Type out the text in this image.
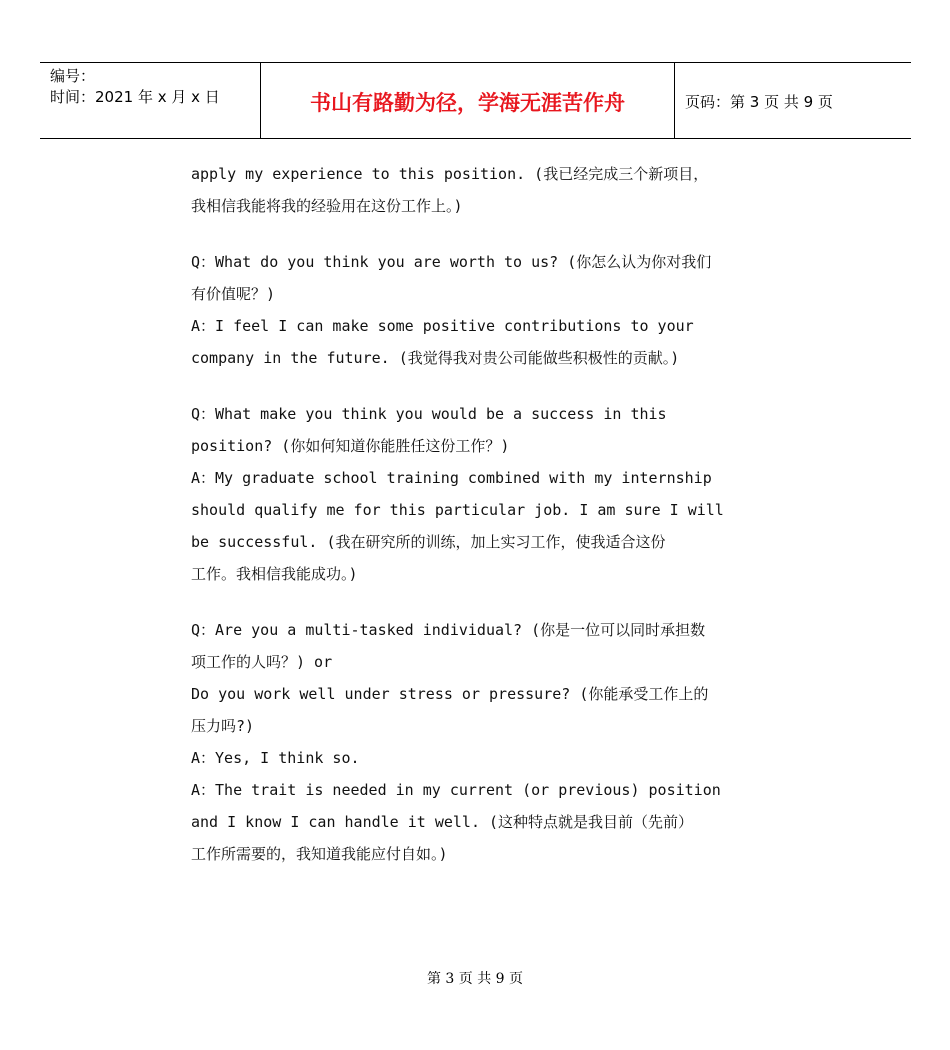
编号：
时间：2021 年 x 月 x 日	书山有路勤为径，学海无涯苦作舟	页码：第 3 页 共 9 页
apply my experience to this position. (我已经完成三个新项目，
我相信我能将我的经验用在这份工作上。)
Q：What do you think you are worth to us? (你怎么认为你对我们
有价值呢？)
A：I feel I can make some positive contributions to your
company in the future. (我觉得我对贵公司能做些积极性的贡献。)
Q：What make you think you would be a success in this
position? (你如何知道你能胜任这份工作？)
A：My graduate school training combined with my internship
should qualify me for this particular job. I am sure I will
be successful. (我在研究所的训练，加上实习工作，使我适合这份
工作。我相信我能成功。)
Q：Are you a multi-tasked individual? (你是一位可以同时承担数
项工作的人吗？) or
Do you work well under stress or pressure? (你能承受工作上的
压力吗?)
A：Yes, I think so.
A：The trait is needed in my current (or previous) position
and I know I can handle it well. (这种特点就是我目前（先前）
工作所需要的，我知道我能应付自如。)
第 3 页 共 9 页
